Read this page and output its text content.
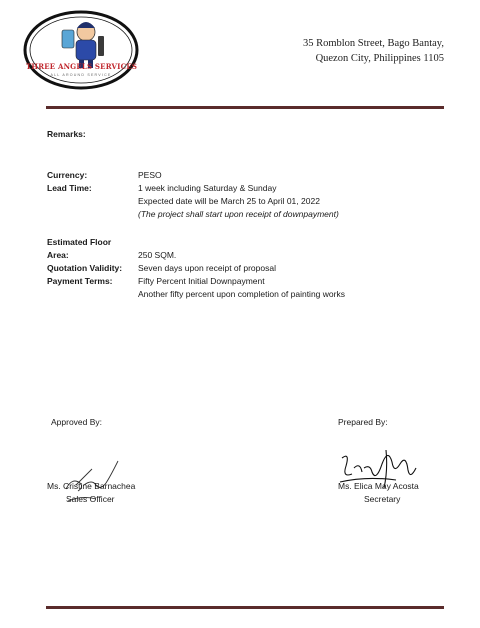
THREE ANGELS SERVICES
ALL AROUND SERVICE
35 Romblon Street, Bago Bantay,
Quezon City, Philippines 1105
Remarks:
Currency:	PESO
Lead Time:	1 week including Saturday & Sunday
Expected date will be March 25 to April 01, 2022
(The project shall start upon receipt of downpayment)
Estimated Floor
Area:	250 SQM.
Quotation Validity: Seven days upon receipt of proposal
Payment Terms:	Fifty Percent Initial Downpayment
Another fifty percent upon completion of painting works
Approved By:
Ms. Cristine Barnachea
Sales Officer
Prepared By:
Ms. Elica May Acosta
Secretary
